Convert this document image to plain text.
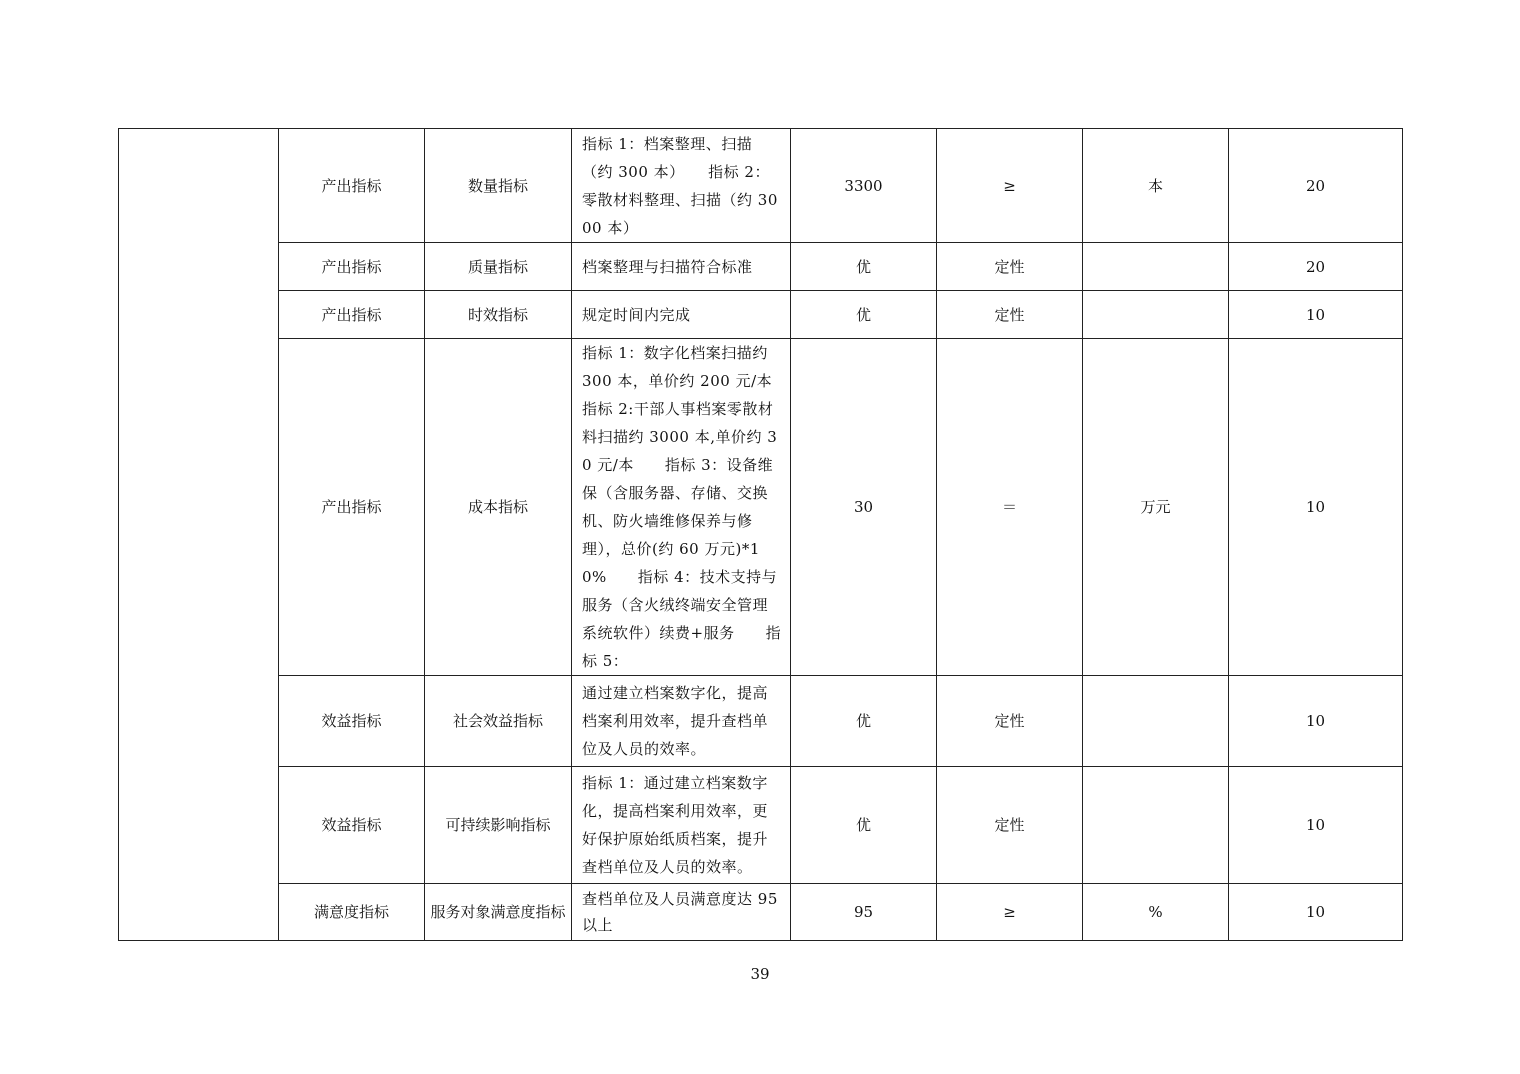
	产出指标	数量指标	指标 1：档案整理、扫描（约 300 本）　　指标 2：零散材料整理、扫描（约 3000 本）	3300	≥	本	20
	产出指标	质量指标	档案整理与扫描符合标准	优	定性		20
	产出指标	时效指标	规定时间内完成	优	定性		10
	产出指标	成本指标	指标 1：数字化档案扫描约 300 本，单价约 200 元/本　　指标 2:干部人事档案零散材料扫描约 3000 本,单价约 30 元/本　　指标 3：设备维保（含服务器、存储、交换机、防火墙维修保养与修理），总价(约 60 万元)*10%　　指标 4：技术支持与服务（含火绒终端安全管理系统软件）续费+服务　　指标 5：	30	＝	万元	10
	效益指标	社会效益指标	通过建立档案数字化，提高档案利用效率，提升查档单位及人员的效率。	优	定性		10
	效益指标	可持续影响指标	指标 1：通过建立档案数字化，提高档案利用效率，更好保护原始纸质档案，提升查档单位及人员的效率。	优	定性		10
	满意度指标	服务对象满意度指标	查档单位及人员满意度达 95 以上	95	≥	%	10
39
